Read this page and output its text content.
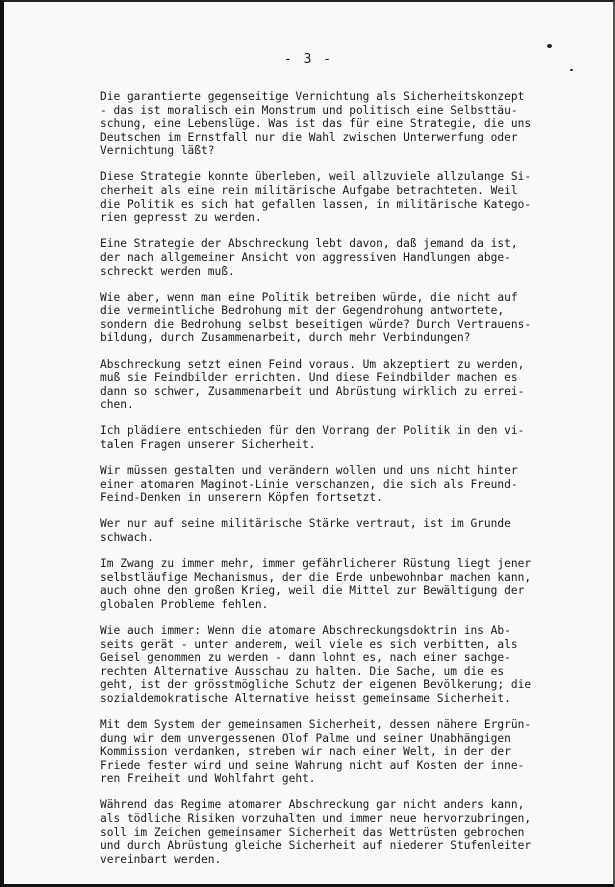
- 3 -

Die garantierte gegenseitige Vernichtung als Sicherheitskonzept
- das ist moralisch ein Monstrum und politisch eine Selbsttäu-
schung, eine Lebenslüge. Was ist das für eine Strategie, die uns
Deutschen im Ernstfall nur die Wahl zwischen Unterwerfung oder
Vernichtung läßt?

Diese Strategie konnte überleben, weil allzuviele allzulange Si-
cherheit als eine rein militärische Aufgabe betrachteten. Weil
die Politik es sich hat gefallen lassen, in militärische Katego-
rien gepresst zu werden.

Eine Strategie der Abschreckung lebt davon, daß jemand da ist,
der nach allgemeiner Ansicht von aggressiven Handlungen abge-
schreckt werden muß.

Wie aber, wenn man eine Politik betreiben würde, die nicht auf
die vermeintliche Bedrohung mit der Gegendrohung antwortete,
sondern die Bedrohung selbst beseitigen würde? Durch Vertrauens-
bildung, durch Zusammenarbeit, durch mehr Verbindungen?

Abschreckung setzt einen Feind voraus. Um akzeptiert zu werden,
muß sie Feindbilder errichten. Und diese Feindbilder machen es
dann so schwer, Zusammenarbeit und Abrüstung wirklich zu errei-
chen.

Ich plädiere entschieden für den Vorrang der Politik in den vi-
talen Fragen unserer Sicherheit.

Wir müssen gestalten und verändern wollen und uns nicht hinter
einer atomaren Maginot-Linie verschanzen, die sich als Freund-
Feind-Denken in unserern Köpfen fortsetzt.

Wer nur auf seine militärische Stärke vertraut, ist im Grunde
schwach.

Im Zwang zu immer mehr, immer gefährlicherer Rüstung liegt jener
selbstläufige Mechanismus, der die Erde unbewohnbar machen kann,
auch ohne den großen Krieg, weil die Mittel zur Bewältigung der
globalen Probleme fehlen.

Wie auch immer: Wenn die atomare Abschreckungsdoktrin ins Ab-
seits gerät - unter anderem, weil viele es sich verbitten, als
Geisel genommen zu werden - dann lohnt es, nach einer sachge-
rechten Alternative Ausschau zu halten. Die Sache, um die es
geht, ist der grösstmögliche Schutz der eigenen Bevölkerung; die
sozialdemokratische Alternative heisst gemeinsame Sicherheit.

Mit dem System der gemeinsamen Sicherheit, dessen nähere Ergrün-
dung wir dem unvergessenen Olof Palme und seiner Unabhängigen
Kommission verdanken, streben wir nach einer Welt, in der der
Friede fester wird und seine Wahrung nicht auf Kosten der inne-
ren Freiheit und Wohlfahrt geht.

Während das Regime atomarer Abschreckung gar nicht anders kann,
als tödliche Risiken vorzuhalten und immer neue hervorzubringen,
soll im Zeichen gemeinsamer Sicherheit das Wettrüsten gebrochen
und durch Abrüstung gleiche Sicherheit auf niederer Stufenleiter
vereinbart werden.
